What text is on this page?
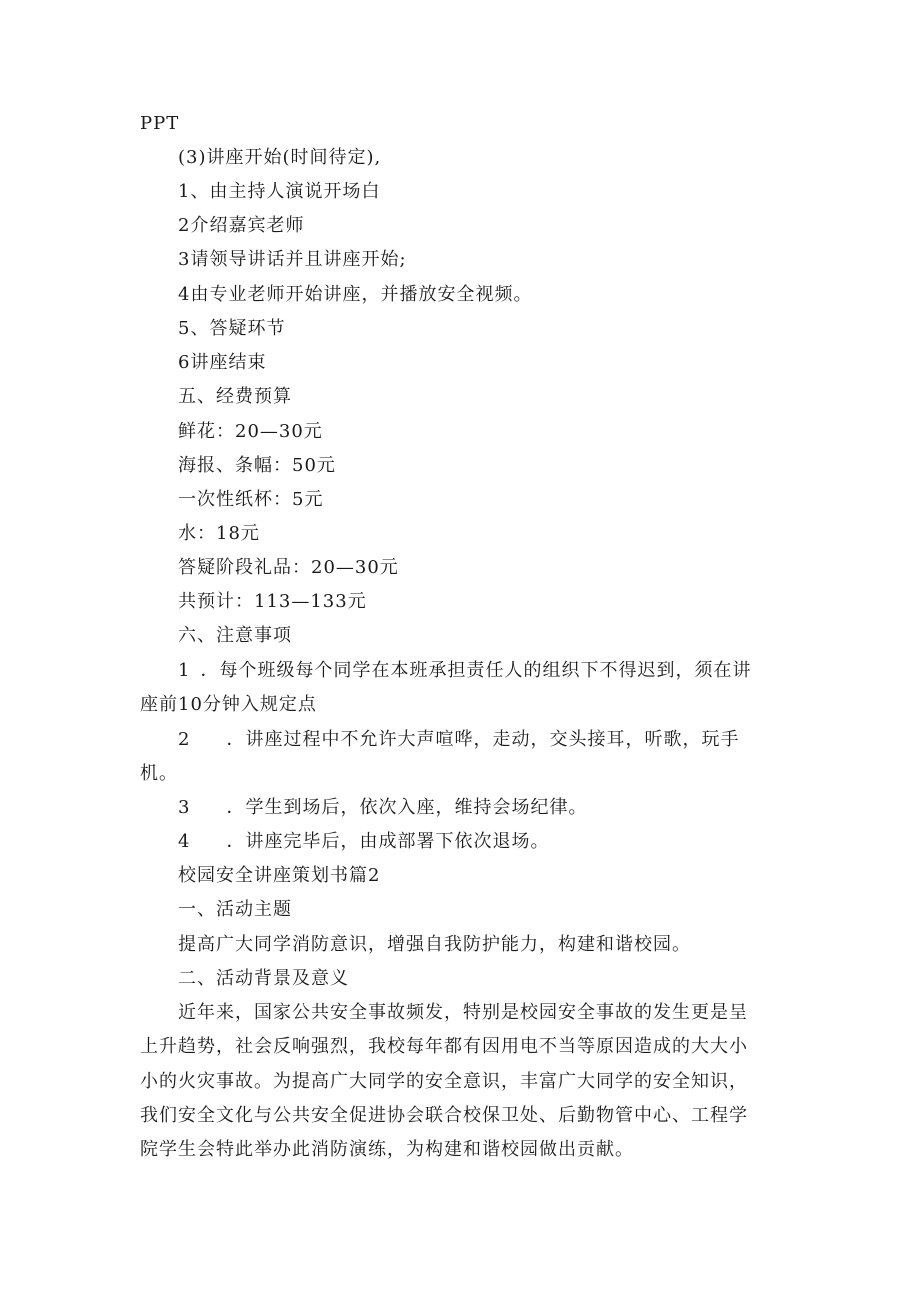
PPT
(3)讲座开始(时间待定),
1、由主持人演说开场白
2介绍嘉宾老师
3请领导讲话并且讲座开始;
4由专业老师开始讲座，并播放安全视频。
5、答疑环节
6讲座结束
五、经费预算
鲜花：20—30元
海报、条幅：50元
一次性纸杯：5元
水：18元
答疑阶段礼品：20—30元
共预计：113—133元
六、注意事项
1 ．每个班级每个同学在本班承担责任人的组织下不得迟到，须在讲
座前10分钟入规定点
2 ．讲座过程中不允许大声喧哗，走动，交头接耳，听歌，玩手
机。
3 ．学生到场后，依次入座，维持会场纪律。
4 ．讲座完毕后，由成部署下依次退场。
校园安全讲座策划书篇2
一、活动主题
提高广大同学消防意识，增强自我防护能力，构建和谐校园。
二、活动背景及意义
近年来，国家公共安全事故频发，特别是校园安全事故的发生更是呈
上升趋势，社会反响强烈，我校每年都有因用电不当等原因造成的大大小
小的火灾事故。为提高广大同学的安全意识，丰富广大同学的安全知识，
我们安全文化与公共安全促进协会联合校保卫处、后勤物管中心、工程学
院学生会特此举办此消防演练，为构建和谐校园做出贡献。
